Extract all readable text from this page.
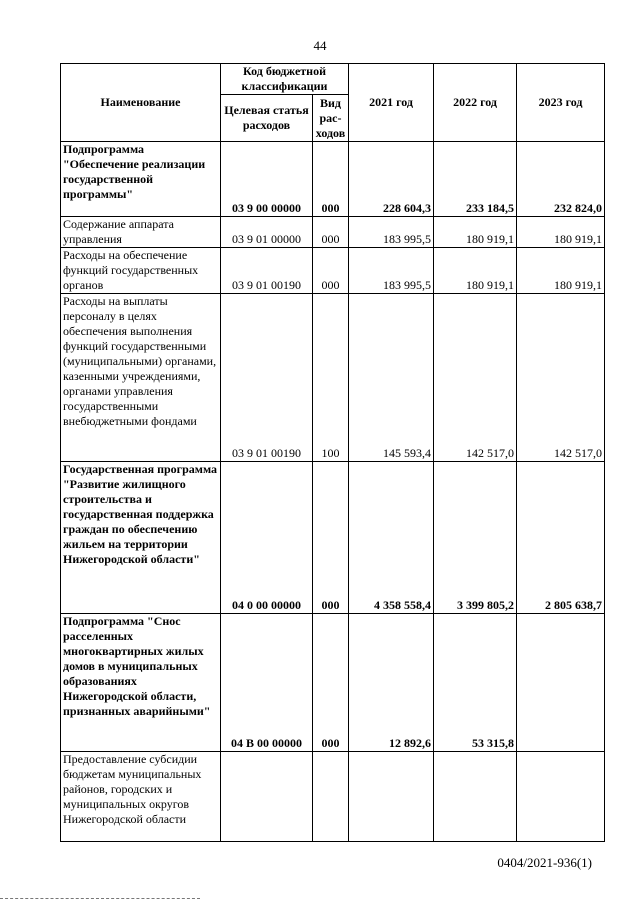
44
Наименование	Код бюджетной классификации		2021 год	2022 год	2023 год
	Целевая статья расходов	Вид рас-ходов			
Подпрограмма "Обеспечение реализации государственной программы"	03 9 00 00000	000	228 604,3	233 184,5	232 824,0
Содержание аппарата управления	03 9 01 00000	000	183 995,5	180 919,1	180 919,1
Расходы на обеспечение функций государственных органов	03 9 01 00190	000	183 995,5	180 919,1	180 919,1
Расходы на выплаты персоналу в целях обеспечения выполнения функций государственными (муниципальными) органами, казенными учреждениями, органами управления государственными внебюджетными фондами	03 9 01 00190	100	145 593,4	142 517,0	142 517,0
Государственная программа "Развитие жилищного строительства и государственная поддержка граждан по обеспечению жильем на территории Нижегородской области"	04 0 00 00000	000	4 358 558,4	3 399 805,2	2 805 638,7
Подпрограмма "Снос расселенных многоквартирных жилых домов в муниципальных образованиях Нижегородской области, признанных аварийными"	04 В 00 00000	000	12 892,6	53 315,8	
Предоставление субсидии бюджетам муниципальных районов, городских и муниципальных округов Нижегородской области					
0404/2021-936(1)
